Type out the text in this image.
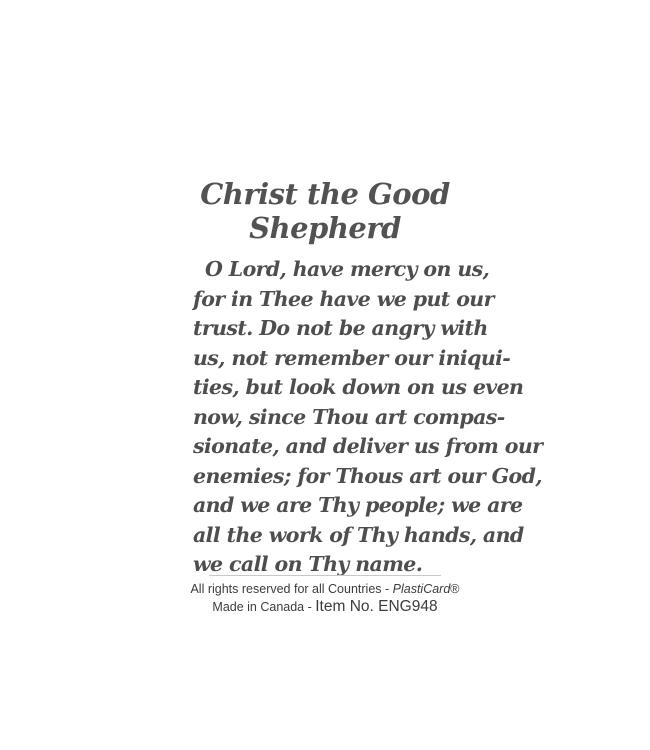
Christ the Good
Shepherd
O Lord, have mercy on us,
for in Thee have we put our
trust. Do not be angry with
us, not remember our iniqui-
ties, but look down on us even
now, since Thou art compas-
sionate, and deliver us from our
enemies; for Thous art our God,
and we are Thy people; we are
all the work of Thy hands, and
we call on Thy name.

All rights reserved for all Countries - PlastiCard®

Made in Canada - Item No. ENG948
